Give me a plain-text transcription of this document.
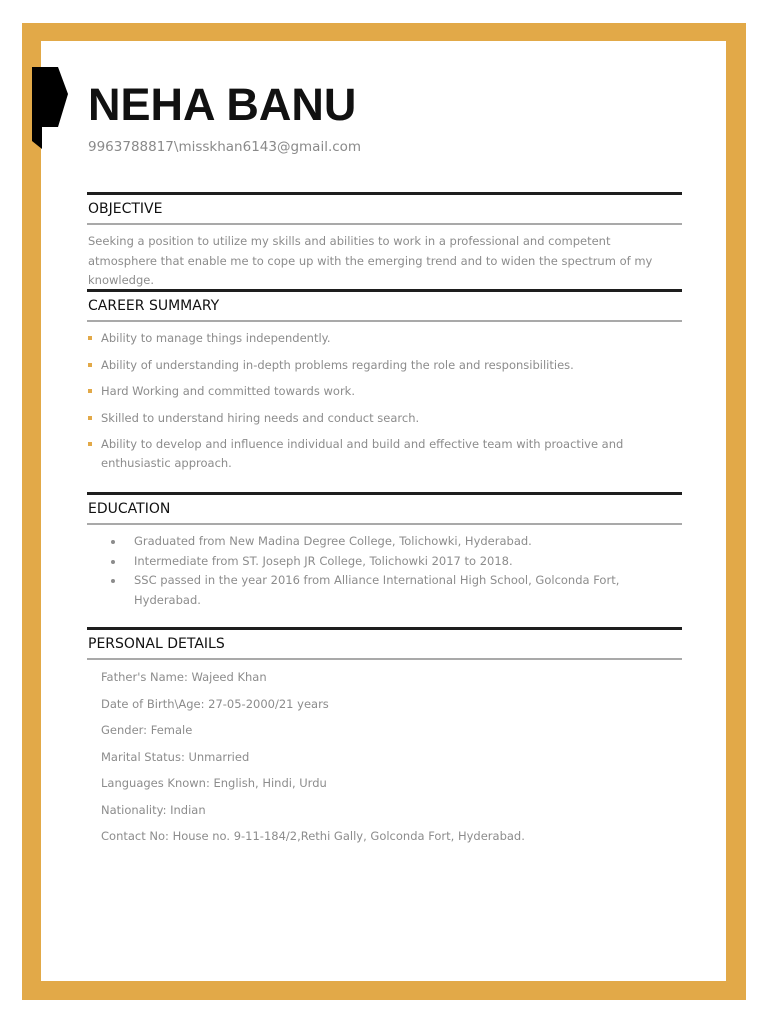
NEHA BANU
9963788817\misskhan6143@gmail.com
OBJECTIVE
Seeking a position to utilize my skills and abilities to work in a professional and competent atmosphere that enable me to cope up with the emerging trend and to widen the spectrum of my knowledge.
CAREER SUMMARY
Ability to manage things independently.
Ability of understanding in-depth problems regarding the role and responsibilities.
Hard Working and committed towards work.
Skilled to understand hiring needs and conduct search.
Ability to develop and influence individual and build and effective team with proactive and enthusiastic approach.
EDUCATION
Graduated from New Madina Degree College, Tolichowki, Hyderabad.
Intermediate from ST. Joseph JR College, Tolichowki 2017 to 2018.
SSC passed in the year 2016 from Alliance International High School, Golconda Fort, Hyderabad.
PERSONAL DETAILS
Father's Name: Wajeed Khan
Date of Birth\Age: 27-05-2000/21 years
Gender: Female
Marital Status: Unmarried
Languages Known: English, Hindi, Urdu
Nationality: Indian
Contact No: House no. 9-11-184/2,Rethi Gally, Golconda Fort, Hyderabad.
